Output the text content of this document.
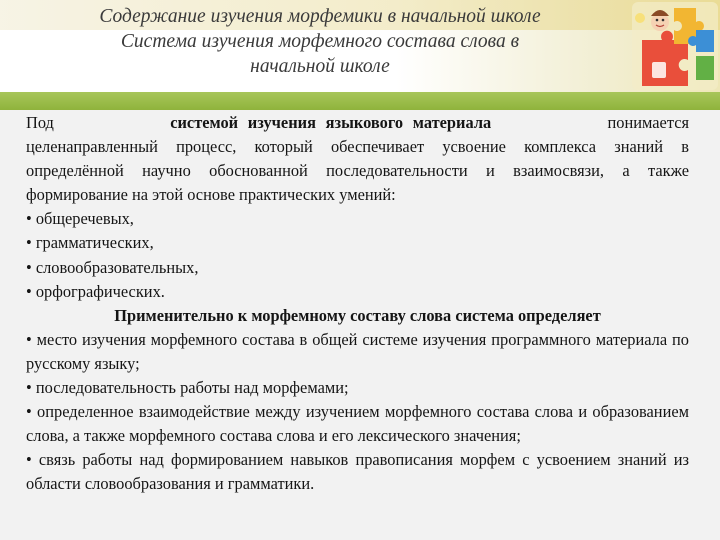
Содержание изучения морфемики в начальной школе
Система изучения морфемного состава слова в
начальной школе

Под	системой изучения языкового материала	понимается

целенаправленный процесс, который обеспечивает усвоение комплекса знаний в определённой научно обоснованной последовательности и взаимосвязи, а также формирование на этой основе практических умений:

• общеречевых,

• грамматических,

• словообразовательных,

• орфографических.

Применительно к морфемному составу слова система определяет

• место изучения морфемного состава в общей системе изучения программного материала по русскому языку;

• последовательность работы над морфемами;

• определенное взаимодействие между изучением морфемного состава слова и образованием слова, а также морфемного состава слова и его лексического значения;

• связь работы над формированием навыков правописания морфем с усвоением знаний из области словообразования и грамматики.
